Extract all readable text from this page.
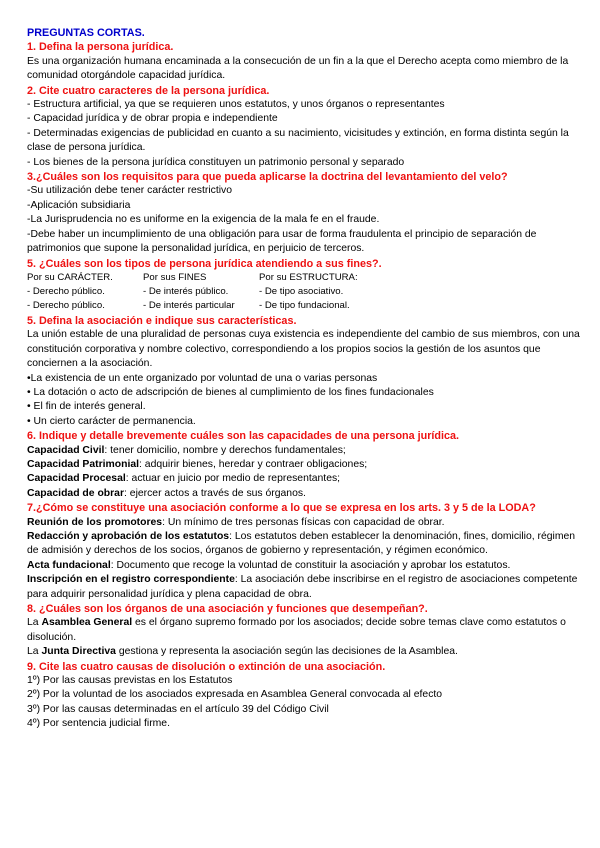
PREGUNTAS CORTAS.
1. Defina la persona jurídica.

Es una organización humana encaminada a la consecución de un fin a la que el Derecho acepta como miembro de la comunidad otorgándole capacidad jurídica.

2. Cite cuatro caracteres de la persona jurídica.

- Estructura artificial, ya que se requieren unos estatutos, y unos órganos o representantes

- Capacidad jurídica y de obrar propia e independiente

- Determinadas exigencias de publicidad en cuanto a su nacimiento, vicisitudes y extinción, en forma distinta según la clase de persona jurídica.

- Los bienes de la persona jurídica constituyen un patrimonio personal y separado

3.¿Cuáles son los requisitos para que pueda aplicarse la doctrina del levantamiento del velo?

-Su utilización debe tener carácter restrictivo

-Aplicación subsidiaria

-La Jurisprudencia no es uniforme en la exigencia de la mala fe en el fraude.

-Debe haber un incumplimiento de una obligación para usar de forma fraudulenta el principio de separación de patrimonios que supone la personalidad jurídica, en perjuicio de terceros.

5. ¿Cuáles son los tipos de persona jurídica atendiendo a sus fines?.
Por su CARÁCTER.
- Derecho público.
- Derecho público.
Por sus FINES
- De interés público.
- De interés particular
Por su ESTRUCTURA:
- De tipo asociativo.
- De tipo fundacional.
5. Defina la asociación e indique sus características.

La unión estable de una pluralidad de personas cuya existencia es independiente del cambio de sus miembros, con una constitución corporativa y nombre colectivo, correspondiendo a los propios socios la gestión de los asuntos que conciernen a la asociación.

•La existencia de un ente organizado por voluntad de una o varias personas

• La dotación o acto de adscripción de bienes al cumplimiento de los fines fundacionales

• El fin de interés general.

• Un cierto carácter de permanencia.

6. Indique y detalle brevemente cuáles son las capacidades de una persona jurídica.

Capacidad Civil: tener domicilio, nombre y derechos fundamentales;

Capacidad Patrimonial: adquirir bienes, heredar y contraer obligaciones;

Capacidad Procesal: actuar en juicio por medio de representantes;

Capacidad de obrar: ejercer actos a través de sus órganos.

7.¿Cómo se constituye una asociación conforme a lo que se expresa en los arts. 3 y 5 de la LODA?

Reunión de los promotores: Un mínimo de tres personas físicas con capacidad de obrar.

Redacción y aprobación de los estatutos: Los estatutos deben establecer la denominación, fines, domicilio, régimen de admisión y derechos de los socios, órganos de gobierno y representación, y régimen económico.

Acta fundacional: Documento que recoge la voluntad de constituir la asociación y aprobar los estatutos.

Inscripción en el registro correspondiente: La asociación debe inscribirse en el registro de asociaciones competente para adquirir personalidad jurídica y plena capacidad de obra.

8. ¿Cuáles son los órganos de una asociación y funciones que desempeñan?.

La Asamblea General es el órgano supremo formado por los asociados; decide sobre temas clave como estatutos o disolución.

La Junta Directiva gestiona y representa la asociación según las decisiones de la Asamblea.

9. Cite las cuatro causas de disolución o extinción de una asociación.

1º) Por las causas previstas en los Estatutos

2º) Por la voluntad de los asociados expresada en Asamblea General convocada al efecto

3º) Por las causas determinadas en el artículo 39 del Código Civil

4º) Por sentencia judicial firme.
